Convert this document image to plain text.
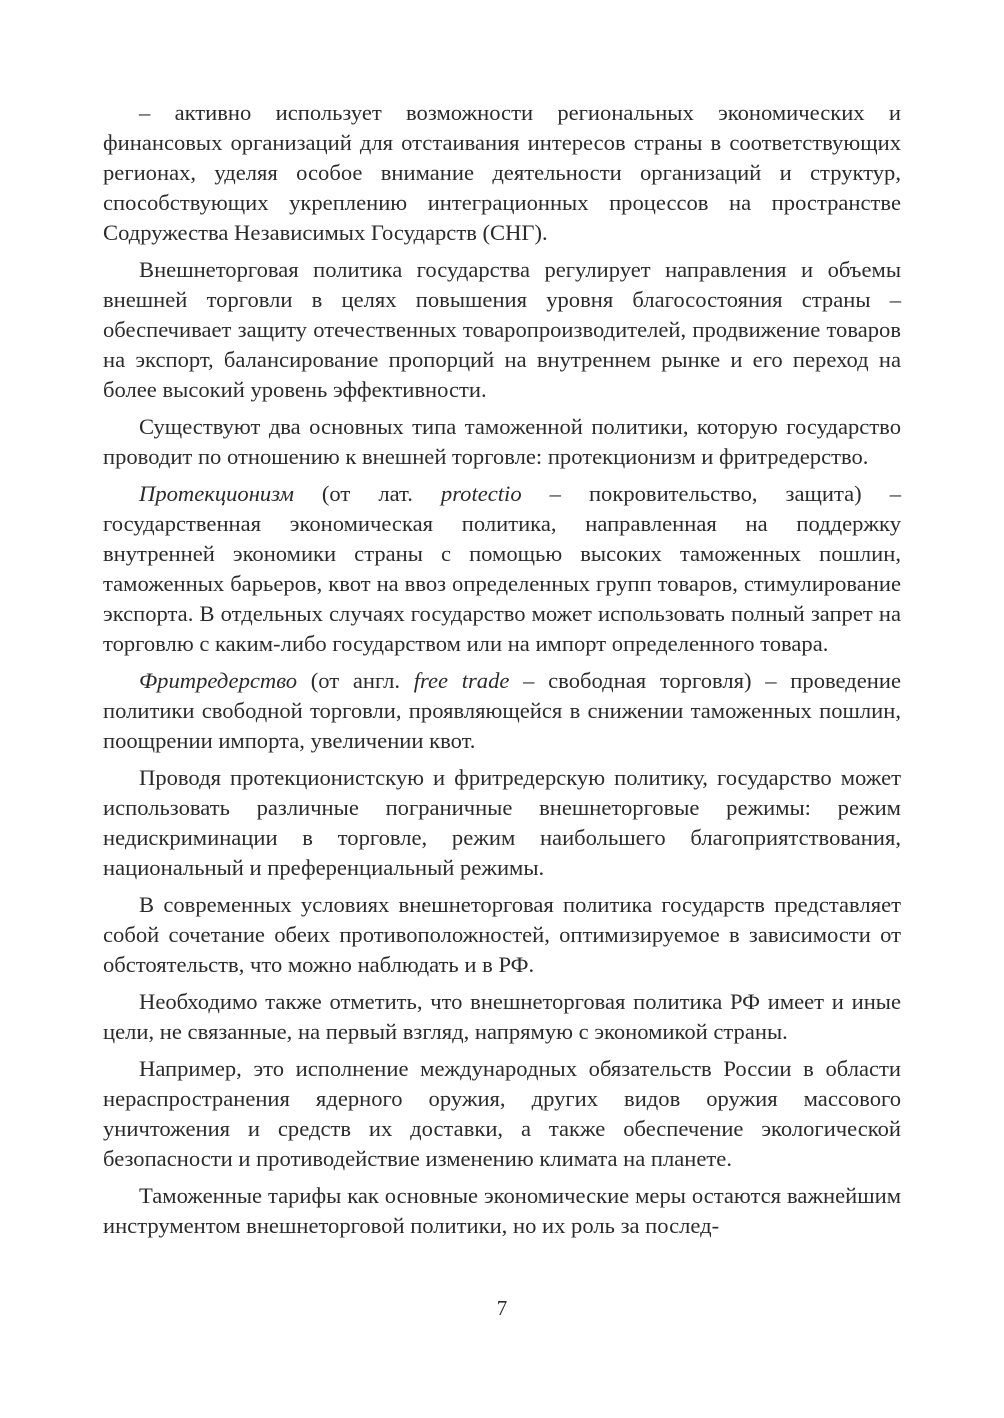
– активно использует возможности региональных экономических и финансовых организаций для отстаивания интересов страны в соответствующих регионах, уделяя особое внимание деятельности организаций и структур, способствующих укреплению интеграционных процессов на пространстве Содружества Независимых Государств (СНГ).

Внешнеторговая политика государства регулирует направления и объемы внешней торговли в целях повышения уровня благосостояния страны – обеспечивает защиту отечественных товаропроизводителей, продвижение товаров на экспорт, балансирование пропорций на внутреннем рынке и его переход на более высокий уровень эффективности.

Существуют два основных типа таможенной политики, которую государство проводит по отношению к внешней торговле: протекционизм и фритредерство.

Протекционизм (от лат. protectio – покровительство, защита) – государственная экономическая политика, направленная на поддержку внутренней экономики страны с помощью высоких таможенных пошлин, таможенных барьеров, квот на ввоз определенных групп товаров, стимулирование экспорта. В отдельных случаях государство может использовать полный запрет на торговлю с каким-либо государством или на импорт определенного товара.

Фритредерство (от англ. free trade – свободная торговля) – проведение политики свободной торговли, проявляющейся в снижении таможенных пошлин, поощрении импорта, увеличении квот.

Проводя протекционистскую и фритредерскую политику, государство может использовать различные пограничные внешнеторговые режимы: режим недискриминации в торговле, режим наибольшего благоприятствования, национальный и преференциальный режимы.

В современных условиях внешнеторговая политика государств представляет собой сочетание обеих противоположностей, оптимизируемое в зависимости от обстоятельств, что можно наблюдать и в РФ.

Необходимо также отметить, что внешнеторговая политика РФ имеет и иные цели, не связанные, на первый взгляд, напрямую с экономикой страны.

Например, это исполнение международных обязательств России в области нераспространения ядерного оружия, других видов оружия массового уничтожения и средств их доставки, а также обеспечение экологической безопасности и противодействие изменению климата на планете.

Таможенные тарифы как основные экономические меры остаются важнейшим инструментом внешнеторговой политики, но их роль за послед-

7
